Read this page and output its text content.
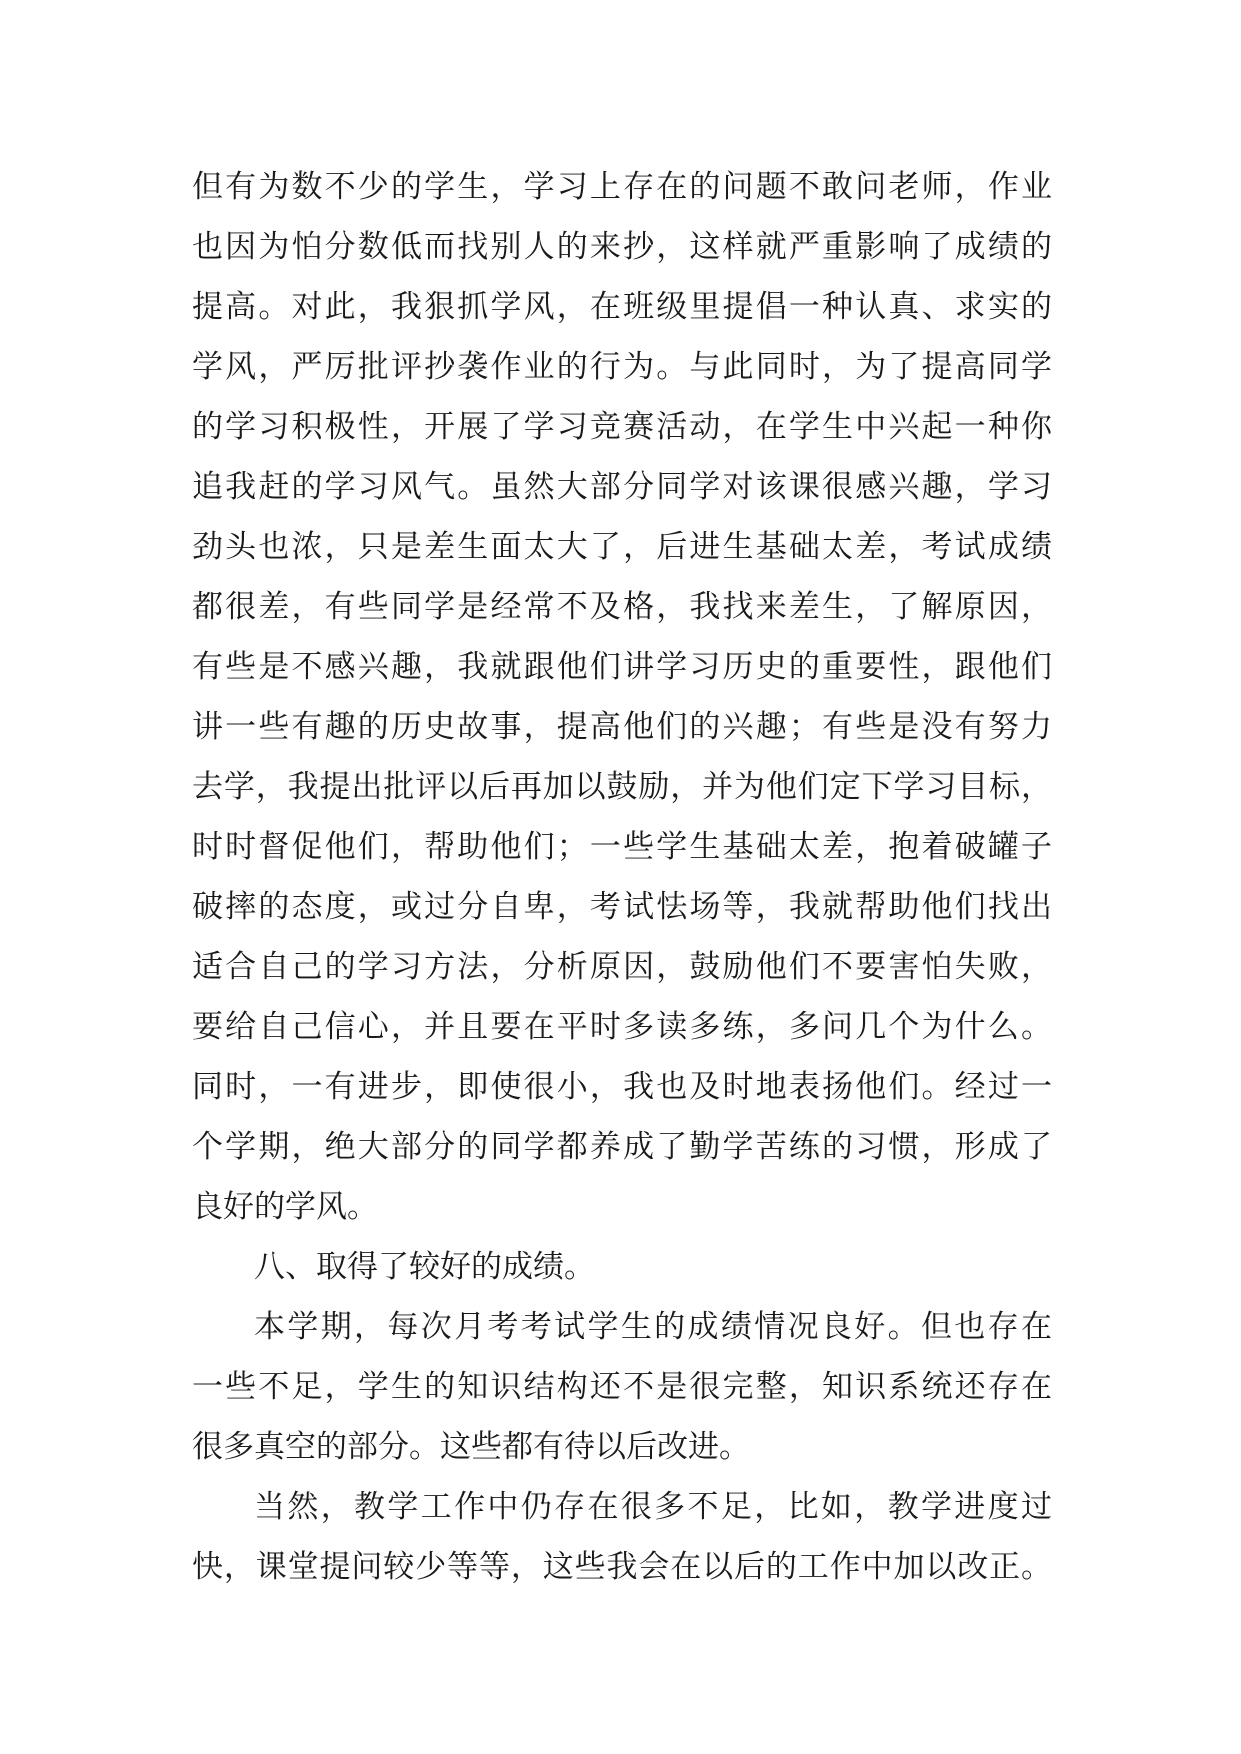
但有为数不少的学生，学习上存在的问题不敢问老师，作业
也因为怕分数低而找别人的来抄，这样就严重影响了成绩的
提高。对此，我狠抓学风，在班级里提倡一种认真、求实的
学风，严厉批评抄袭作业的行为。与此同时，为了提高同学
的学习积极性，开展了学习竞赛活动，在学生中兴起一种你
追我赶的学习风气。虽然大部分同学对该课很感兴趣，学习
劲头也浓，只是差生面太大了，后进生基础太差，考试成绩
都很差，有些同学是经常不及格，我找来差生，了解原因，
有些是不感兴趣，我就跟他们讲学习历史的重要性，跟他们
讲一些有趣的历史故事，提高他们的兴趣；有些是没有努力
去学，我提出批评以后再加以鼓励，并为他们定下学习目标，
时时督促他们，帮助他们；一些学生基础太差，抱着破罐子
破摔的态度，或过分自卑，考试怯场等，我就帮助他们找出
适合自己的学习方法，分析原因，鼓励他们不要害怕失败，
要给自己信心，并且要在平时多读多练，多问几个为什么。
同时，一有进步，即使很小，我也及时地表扬他们。经过一
个学期，绝大部分的同学都养成了勤学苦练的习惯，形成了
良好的学风。
八、取得了较好的成绩。
本学期，每次月考考试学生的成绩情况良好。但也存在
一些不足，学生的知识结构还不是很完整，知识系统还存在
很多真空的部分。这些都有待以后改进。
当然，教学工作中仍存在很多不足，比如，教学进度过
快，课堂提问较少等等，这些我会在以后的工作中加以改正。
